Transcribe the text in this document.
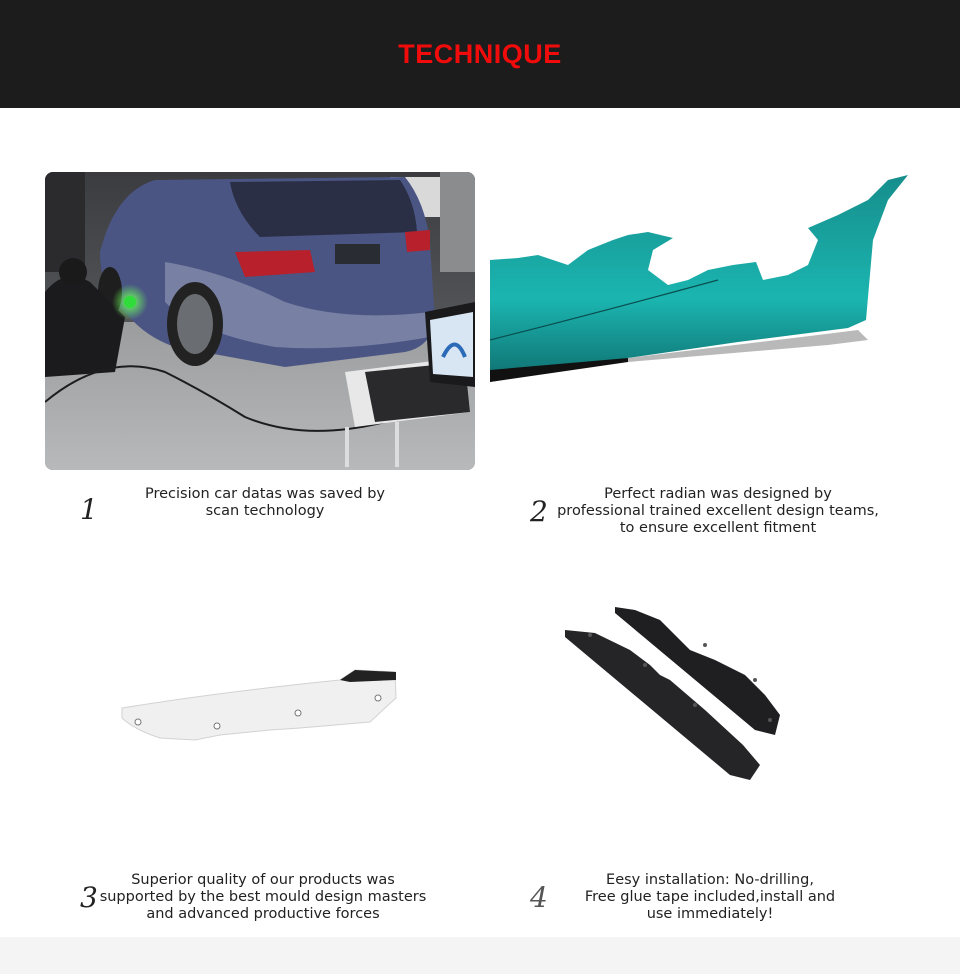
TECHNIQUE
1	Precision car datas was saved by
scan technology	2
Perfect radian was designed by
professional trained excellent design teams,
to ensure excellent fitment
3
Superior quality of our products was
supported by the best mould design masters
and advanced productive forces	4
Eesy installation: No-drilling,
Free glue tape included,install and
use immediately!
